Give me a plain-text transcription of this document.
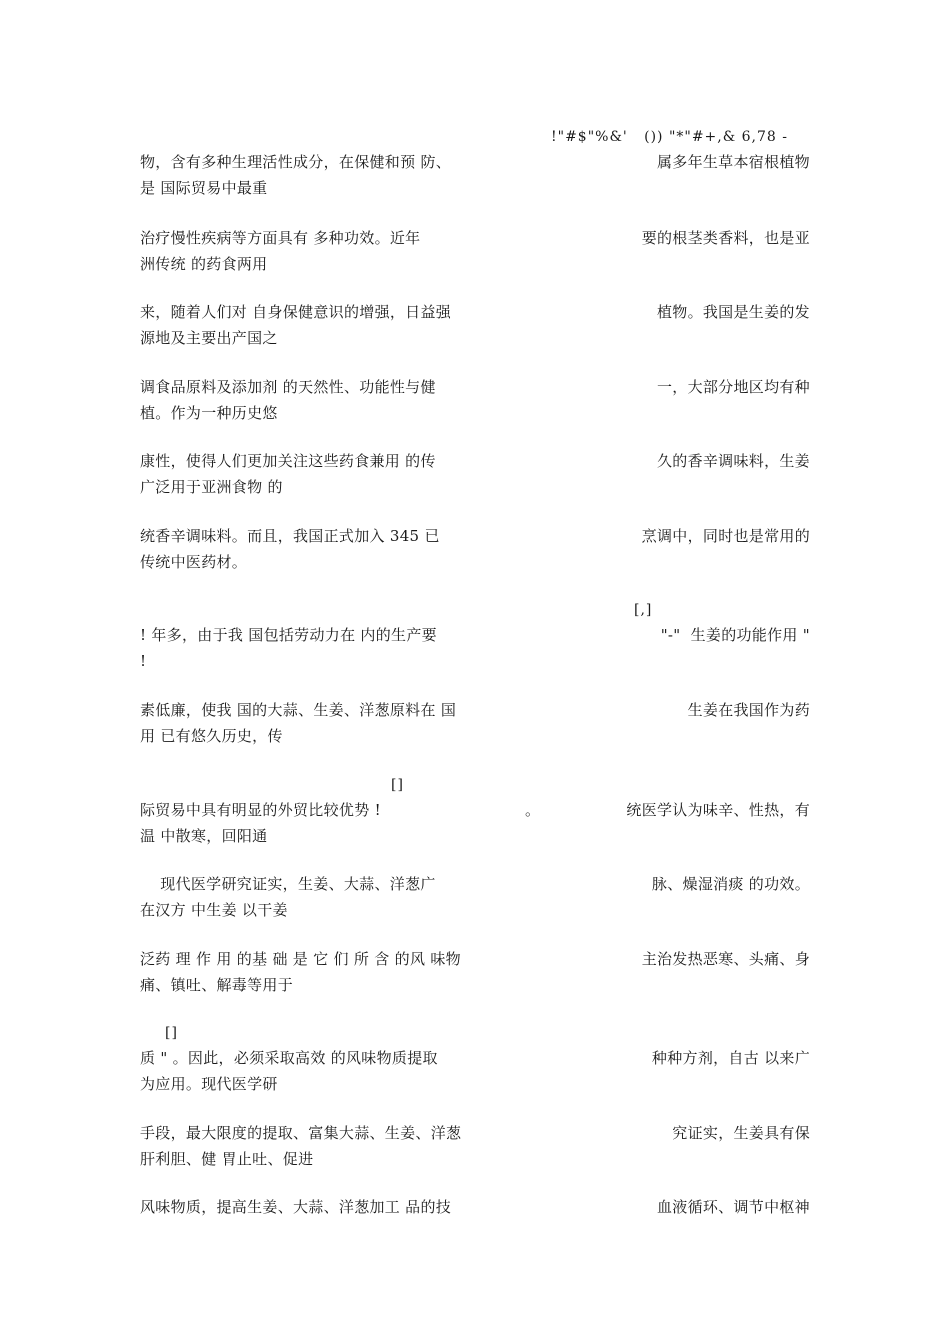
!"#$"%&'   ()) "*"#+,& 6,78 -
[,]
[]
[]
物，含有多种生理活性成分，在保健和预 防、	属多年生草本宿根植物
是 国际贸易中最重
治疗慢性疾病等方面具有 多种功效。近年	要的根茎类香料，也是亚
洲传统 的药食两用
来，随着人们对 自身保健意识的增强，日益强	植物。我国是生姜的发
源地及主要出产国之
调食品原料及添加剂 的天然性、功能性与健	一，大部分地区均有种
植。作为一种历史悠
康性，使得人们更加关注这些药食兼用 的传	久的香辛调味料，生姜
广泛用于亚洲食物 的
统香辛调味料。而且，我国正式加入 345 已	烹调中，同时也是常用的
传统中医药材。
! 年多，由于我 国包括劳动力在 内的生产要	"-"  生姜的功能作用 "
!
素低廉，使我 国的大蒜、生姜、洋葱原料在 国	生姜在我国作为药
用 已有悠久历史，传
际贸易中具有明显的外贸比较优势 !	统医学认为味辛、性热，有
。
温 中散寒，回阳通
现代医学研究证实，生姜、大蒜、洋葱广	脉、燥湿消痰 的功效。
在汉方 中生姜 以干姜
泛药 理 作 用 的基 础 是 它 们 所 含 的风 味物	主治发热恶寒、头痛、身
痛、镇吐、解毒等用于
质 " 。因此，必须采取高效 的风味物质提取	种种方剂，自古 以来广
为应用。现代医学研
手段，最大限度的提取、富集大蒜、生姜、洋葱	究证实，生姜具有保
肝利胆、健 胃止吐、促进
风味物质，提高生姜、大蒜、洋葱加工 品的技	血液循环、调节中枢神
